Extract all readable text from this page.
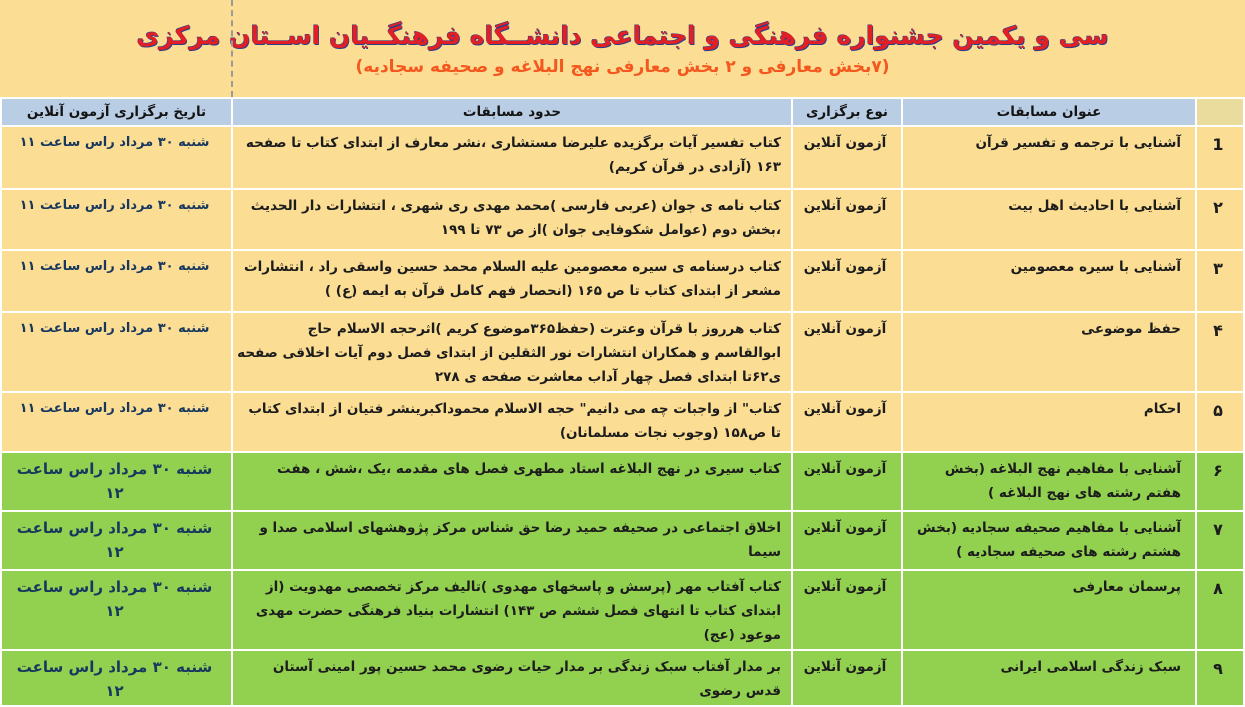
سی و یکمین جشنواره فرهنگی و اجتماعی دانشــگاه فرهنگــیان اســتان مرکزی
(۷بخش معارفی و ۲ بخش معارفی نهج البلاغه و صحیفه سجادیه)
	عنوان مسابقات	نوع برگزاری	حدود مسابقات	تاریخ برگزاری آزمون آنلاین
1	آشنایی با ترجمه و تفسیر قرآن	آزمون آنلاین	کتاب تفسیر آیات برگزیده علیرضا مستشاری ،نشر معارف از ابتدای کتاب تا صفحه ۱۶۳ (آزادی در قرآن کریم)	شنبه ۳۰ مرداد راس ساعت ۱۱
۲	آشنایی با احادیث اهل بیت	آزمون آنلاین	کتاب نامه ی جوان (عربی فارسی )محمد مهدی ری شهری ، انتشارات دار الحدیث ،بخش دوم (عوامل شکوفایی جوان )از ص ۷۳ تا ۱۹۹	شنبه ۳۰ مرداد راس ساعت ۱۱
۳	آشنایی با سیره معصومین	آزمون آنلاین	کتاب درسنامه ی سیره معصومین علیه السلام محمد حسین واسقی راد ، انتشارات مشعر از ابتدای کتاب تا ص ۱۶۵ (انحصار فهم کامل قرآن به ایمه (ع) )	شنبه ۳۰ مرداد راس ساعت ۱۱
۴	حفظ موضوعی	آزمون آنلاین	کتاب هرروز با قرآن وعترت (حفظ۳۶۵موضوع کریم )اثرحجه الاسلام حاج ابوالقاسم و همکاران انتشارات نور الثقلین از ابتدای فصل دوم آیات اخلاقی صفحه ی۶۲تا ابتدای فصل چهار آداب معاشرت صفحه ی ۲۷۸	شنبه ۳۰ مرداد راس ساعت ۱۱
۵	احکام	آزمون آنلاین	کتاب" از واجبات چه می دانیم" حجه الاسلام محموداکبرینشر فتیان از ابتدای کتاب تا ص۱۵۸ (وجوب نجات مسلمانان)	شنبه ۳۰ مرداد راس ساعت ۱۱
۶	آشنایی با مفاهیم نهج البلاغه (بخش هفتم رشته های نهج البلاغه )	آزمون آنلاین	کتاب سیری در نهج البلاغه استاد مطهری فصل های مقدمه ،یک ،شش ، هفت	شنبه ۳۰ مرداد راس ساعت ۱۲
۷	آشنایی با مفاهیم صحیفه سجادیه (بخش هشتم رشته های صحیفه سجادیه )	آزمون آنلاین	اخلاق اجتماعی در صحیفه حمید رضا حق شناس مرکز پژوهشهای اسلامی صدا و سیما	شنبه ۳۰ مرداد راس ساعت ۱۲
۸	پرسمان معارفی	آزمون آنلاین	کتاب آفتاب مهر (پرسش و پاسخهای مهدوی )تالیف مرکز تخصصی مهدویت (از ابتدای کتاب تا انتهای فصل ششم ص ۱۴۳) انتشارات بنیاد فرهنگی حضرت مهدی موعود (عج)	شنبه ۳۰ مرداد راس ساعت ۱۲
۹	سبک زندگی اسلامی ایرانی	آزمون آنلاین	بر مدار آفتاب سبک زندگی بر مدار حیات رضوی محمد حسین پور امینی آستان قدس رضوی	شنبه ۳۰ مرداد راس ساعت ۱۲
